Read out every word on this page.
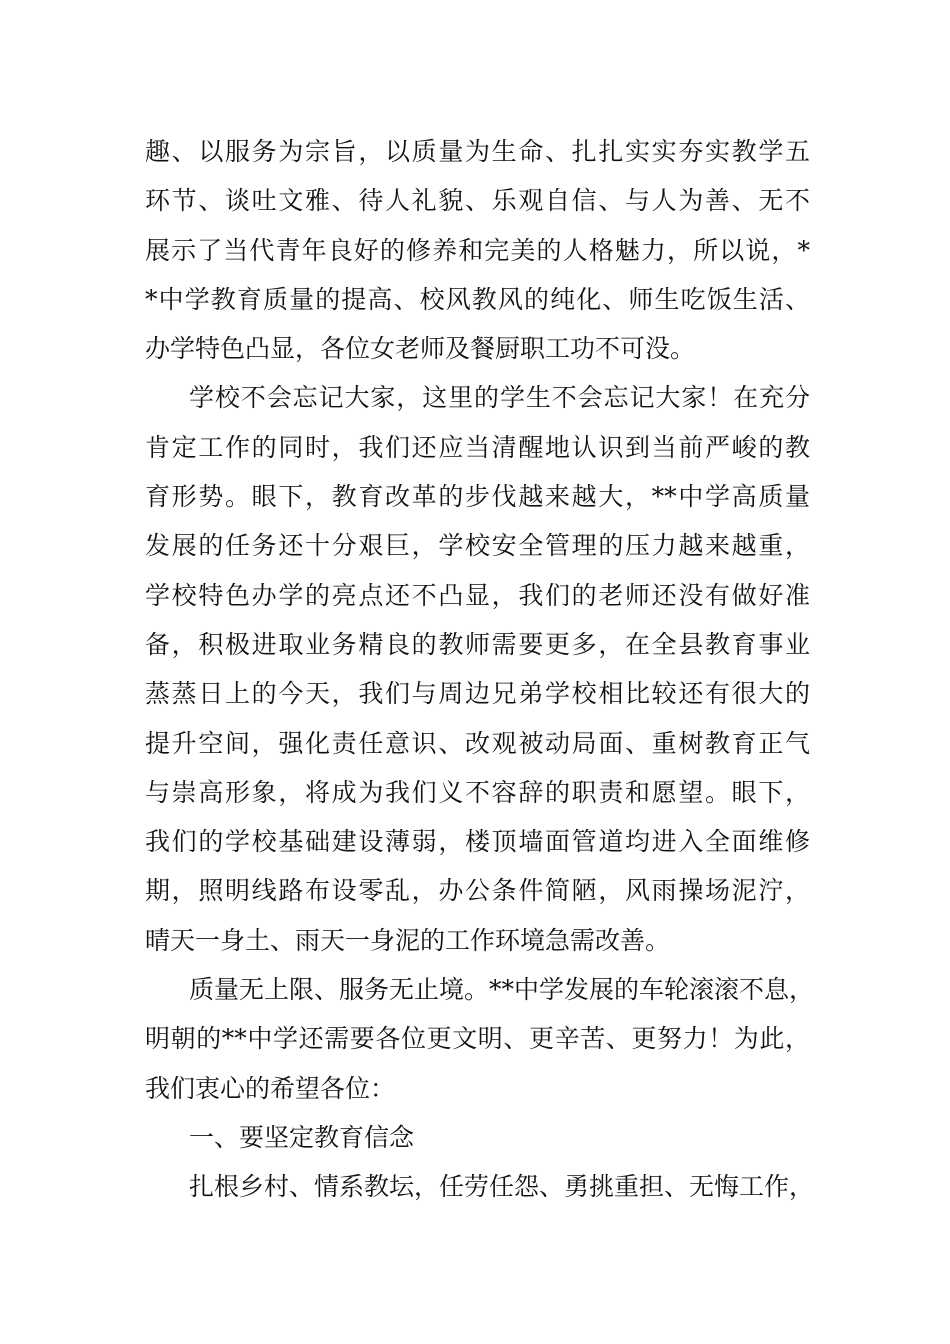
趣、以服务为宗旨，以质量为生命、扎扎实实夯实教学五
环节、谈吐文雅、待人礼貌、乐观自信、与人为善、无不
展示了当代青年良好的修养和完美的人格魅力，所以说，*
*中学教育质量的提高、校风教风的纯化、师生吃饭生活、
办学特色凸显，各位女老师及餐厨职工功不可没。
学校不会忘记大家，这里的学生不会忘记大家！在充分
肯定工作的同时，我们还应当清醒地认识到当前严峻的教
育形势。眼下，教育改革的步伐越来越大，**中学高质量
发展的任务还十分艰巨，学校安全管理的压力越来越重，
学校特色办学的亮点还不凸显，我们的老师还没有做好准
备，积极进取业务精良的教师需要更多，在全县教育事业
蒸蒸日上的今天，我们与周边兄弟学校相比较还有很大的
提升空间，强化责任意识、改观被动局面、重树教育正气
与崇高形象，将成为我们义不容辞的职责和愿望。眼下，
我们的学校基础建设薄弱，楼顶墙面管道均进入全面维修
期，照明线路布设零乱，办公条件简陋，风雨操场泥泞，
晴天一身土、雨天一身泥的工作环境急需改善。
质量无上限、服务无止境。**中学发展的车轮滚滚不息，
明朝的**中学还需要各位更文明、更辛苦、更努力！为此，
我们衷心的希望各位：
一、要坚定教育信念
扎根乡村、情系教坛，任劳任怨、勇挑重担、无悔工作，
